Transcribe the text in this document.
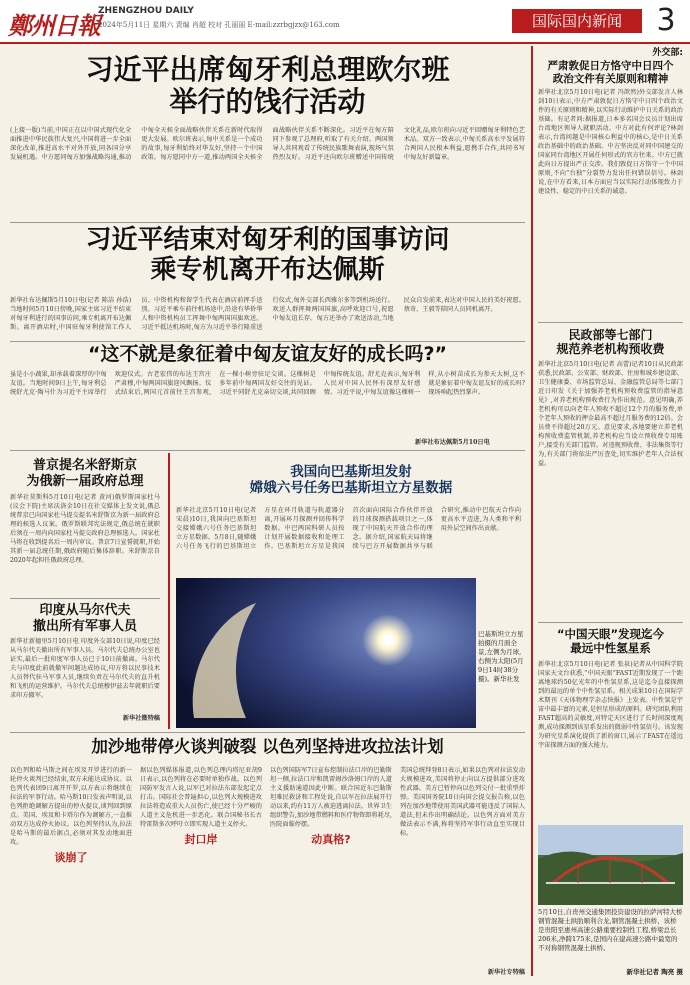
鄭州日報
ZHENGZHOU DAILY
2024年5月11日 星期六 责编 肖超 校对 孔丽丽 E-mail:zzrbgjzx@163.com	国际国内新闻	3
习近平出席匈牙利总理欧尔班
举行的饯行活动
(上接一版)当前,中国正在以中国式现代化全面推进中华民族伟大复兴,中国将进一步全面深化改革,推进高水平对外开放,同各国分享发展机遇。中方愿同匈方加强战略沟通,推动中匈全天候全面战略伙伴关系在新时代取得更大发展。欧尔班表示,匈中关系是一个成功的故事,匈牙利始终对华友好,坚持一个中国政策。匈方愿同中方一道,推动两国全天候全面战略伙伴关系不断深化。习近平在匈方陪同下参观了总理府,听取了有关介绍。两国领导人共同观看了传统民族歌舞表演,现场气氛热烈友好。习近平还向欧尔班赠送中国传统文化礼品,欧尔班向习近平回赠匈牙利特色艺术品。双方一致表示,中匈关系高水平发展符合两国人民根本利益,愿携手合作,共同书写中匈友好新篇章。
习近平结束对匈牙利的国事访问
乘专机离开布达佩斯
新华社布达佩斯5月10日电(记者 陈洁 孙浩)当地时间5月10日傍晚,国家主席习近平结束对匈牙利进行的国事访问,乘专机离开布达佩斯。离开酒店时,中国驻匈牙利使馆工作人员、中资机构和留学生代表在酒店前挥手送别。习近平乘车前往机场途中,沿途有华侨华人和中资机构员工挥舞中匈两国国旗欢送。习近平抵达机场时,匈方为习近平举行隆重送行仪式,匈外交部长西雅尔多等到机场送行。欢送人群挥舞两国国旗,高呼欢迎口号,祝愿中匈友谊长存。匈方还举办了欢送活动,当地民众自发前来,表达对中国人民的美好祝愿。蔡奇、王毅等陪同人员同机离开。
“这不就是象征着中匈友谊友好的成长吗?”
虽是小小蔬果,却承载着深厚的中匈友谊。当地时间9日上午,匈牙利总统舒尤克·陶马什为习近平主席举行欢迎仪式。古老宏伟的布达王宫庄严肃穆,中匈两国国旗迎风飘扬。仪式结束后,两国元首前往王宫参观,在一棵小树旁驻足交谈。这棵树是多年前中匈两国友好交往的见证。习近平同舒尤克亲切交谈,共同回顾中匈传统友谊。舒尤克表示,匈牙利人民对中国人民怀有深厚友好感情。习近平说,中匈友谊像这棵树一样,从小树苗成长为参天大树,这不就是象征着中匈友谊友好的成长吗?现场响起热烈掌声。
新华社布达佩斯5月10日电
普京提名米舒斯京
为俄新一届政府总理
新华社莫斯科5月10日电(记者 黄河)俄罗斯国家杜马(议会下院)主席沃洛金10日在社交媒体上发文说,俄总统普京已向国家杜马提交提名米舒斯京为新一届政府总理的候选人议案。俄罗斯联邦宪法规定,俄总统在就职后须在一周内向国家杜马提交政府总理候选人。国家杜马将在收到提名后一周内审议。普京7日宣誓就职,开始其新一届总统任期,俄政府随后集体辞职。米舒斯京自2020年起担任俄政府总理。
印度从马尔代夫
撤出所有军事人员
新华社新德里5月10日电 印度外交部10日说,印度已经从马尔代夫撤出所有军事人员。马尔代夫总统办公室也证实,最后一批印度军事人员已于10日前撤离。马尔代夫与印度此前就撤军问题达成协议,印方将以民事技术人员替代驻马军事人员,继续负责在马尔代夫的直升机和飞机的运营维护。马尔代夫总统穆伊兹去年就职后要求印方撤军。
新华社微特稿
我国向巴基斯坦发射
嫦娥六号任务巴基斯坦立方星数据
新华社北京5月10日电(记者 宋晨)10日,我国向巴基斯坦交接嫦娥六号任务巴基斯坦立方星数据。5月8日,随嫦娥六号任务飞行的巴基斯坦立方星在环月轨道与轨道器分离,开展环月探测并回传科学数据。中巴两国科研人员按计划开展数据接收和处理工作。巴基斯坦立方星是我国首次面向国际合作伙伴开放的月球探测搭载项目之一,体现了中国航天开放合作的理念。据介绍,国家航天局将继续与巴方开展数据共享与联合研究,推动中巴航天合作向更高水平迈进,为人类和平利用外层空间作出贡献。
巴基斯坦立方星拍摄的月面全景,左侧为月球,右侧为太阳(5月9日14时38分摄)。新华社发
加沙地带停火谈判破裂 以色列坚持进攻拉法计划
以色列和哈马斯之间在埃及开罗进行的新一轮停火谈判已经结束,双方未能达成协议。以色列代表团9日离开开罗,以方表示将继续在拉法的军事行动。哈马斯10日发表声明说,以色列拒绝调解方提出的停火提议,谈判回到原点。美国、埃及和卡塔尔作为调解方,一直推动双方达成停火协议。以色列坚持认为,拉法是哈马斯的最后据点,必须对其发动地面进攻。
谈崩了
据以色列媒体报道,以色列总理内塔尼亚胡9日表示,以色列将在必要时单独作战。以色列国防军发言人说,以军已对拉法东部发起定点打击。国际社会普遍担心,以色列大规模进攻拉法将造成重大人员伤亡,使已经十分严峻的人道主义危机进一步恶化。联合国秘书长古特雷斯多次呼吁立即实现人道主义停火。
封口岸
以色列国防军7日宣布控制拉法口岸的巴勒斯坦一侧,拉法口岸和凯雷姆沙洛姆口岸的人道主义援助通道因此中断。联合国近东巴勒斯坦难民救济和工程处说,自以军在拉法展开行动以来,约有11万人被迫逃离拉法。世界卫生组织警告,加沙地带燃料和医疗物资即将耗尽,医院面临停摆。
动真格?
美国总统拜登8日表示,如果以色列对拉法发动大规模进攻,美国将停止向以方提供部分进攻性武器。美方已暂停向以色列交付一批重型炸弹。美国国务院10日向国会提交报告称,以色列在加沙地带使用美国武器可能违反了国际人道法,但未作出明确结论。以色列方面对美方做法表示不满,称将坚持军事行动直至实现目标。
新华社专特稿
外交部:
严肃敦促日方恪守中日四个
政治文件有关原则和精神
新华社北京5月10日电(记者 冯歆然)外交部发言人林剑10日表示,中方严肃敦促日方恪守中日四个政治文件的有关原则和精神,以实际行动维护中日关系的政治基础。有记者问:据报道,日本多名国会议员计划出席台湾地区领导人就职活动。中方对此有何评论?林剑表示,台湾问题是中国核心利益中的核心,是中日关系政治基础中的政治基础。中方坚决反对同中国建交的国家同台湾地区开展任何形式的官方往来。中方已就此向日方提出严正交涉。我们敦促日方恪守一个中国原则,不向“台独”分裂势力发出任何错误信号。林剑说,在中方看来,日本方面应当以实际行动体现致力于建设性、稳定的中日关系的诚意。
民政部等七部门
规范养老机构预收费
新华社北京5月10日电(记者 高蕾)记者10日从民政部获悉,民政部、公安部、财政部、住房和城乡建设部、卫生健康委、市场监管总局、金融监管总局等七部门近日印发《关于加强养老机构预收费监管的指导意见》,对养老机构预收费行为作出规范。意见明确,养老机构可以向老年人预收不超过12个月的服务费,单个老年人预收的押金最高不超过月服务费的12倍。会员费不得超过20万元。意见要求,各地要建立养老机构预收费监管机制,养老机构应当设立预收费专用账户,接受有关部门监管。对违规预收费、非法集资等行为,有关部门将依法严厉查处,切实维护老年人合法权益。
“中国天眼”发现迄今
最远中性氢星系
新华社北京5月10日电(记者 张泉)记者从中国科学院国家天文台获悉,“中国天眼”FAST近期发现了一个距离地球约50亿光年的中性氢星系,这是迄今直接探测到的最远的单个中性氢星系。相关成果10日在国际学术期刊《天体物理学杂志快报》上发表。中性氢是宇宙中最丰富的元素,是恒星形成的原料。研究团队利用FAST超高的灵敏度,对特定天区进行了长时间深度观测,成功探测到该星系发出的微弱中性氢信号。该发现为研究星系演化提供了新的窗口,展示了FAST在遥远宇宙探测方面的强大能力。
5月10日,自贵州交通集团投资建设的拉萨河特大桥钢管混凝土拱肋顺利合龙,钢管混凝土拱桥、该桥是贵阳至惠州高速公路重要控制性工程,桥梁总长206米,净跨175米,是国内在建高速公路中最宽的不对称钢管混凝土拱桥。
新华社记者 陶亮 摄
